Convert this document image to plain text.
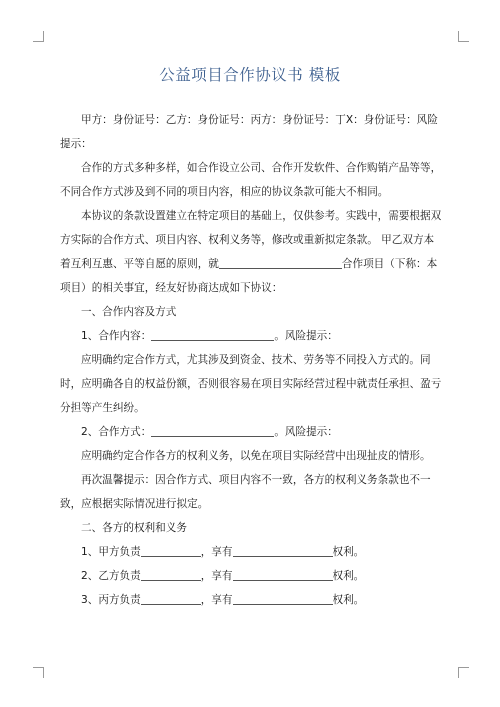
公益项目合作协议书 模板

甲方：身份证号：乙方：身份证号：丙方：身份证号：丁X：身份证号：风险提示：

合作的方式多种多样，如合作设立公司、合作开发软件、合作购销产品等等，不同合作方式涉及到不同的项目内容，相应的协议条款可能大不相同。

本协议的条款设置建立在特定项目的基础上，仅供参考。实践中，需要根据双方实际的合作方式、项目内容、权利义务等，修改或重新拟定条款。 甲乙双方本着互利互惠、平等自愿的原则，就	合作项目（下称：本项目）的相关事宜，经友好协商达成如下协议：

一、合作内容及方式

1、合作内容：	。风险提示：

应明确约定合作方式，尤其涉及到资金、技术、劳务等不同投入方式的。同时，应明确各自的权益份额，否则很容易在项目实际经营过程中就责任承担、盈亏分担等产生纠纷。

2、合作方式：	。风险提示：

应明确约定合作各方的权利义务，以免在项目实际经营中出现扯皮的情形。

再次温馨提示：因合作方式、项目内容不一致，各方的权利义务条款也不一致，应根据实际情况进行拟定。

二、各方的权利和义务

1、甲方负责	，享有	权利。

2、乙方负责	，享有	权利。

3、丙方负责	，享有	权利。
